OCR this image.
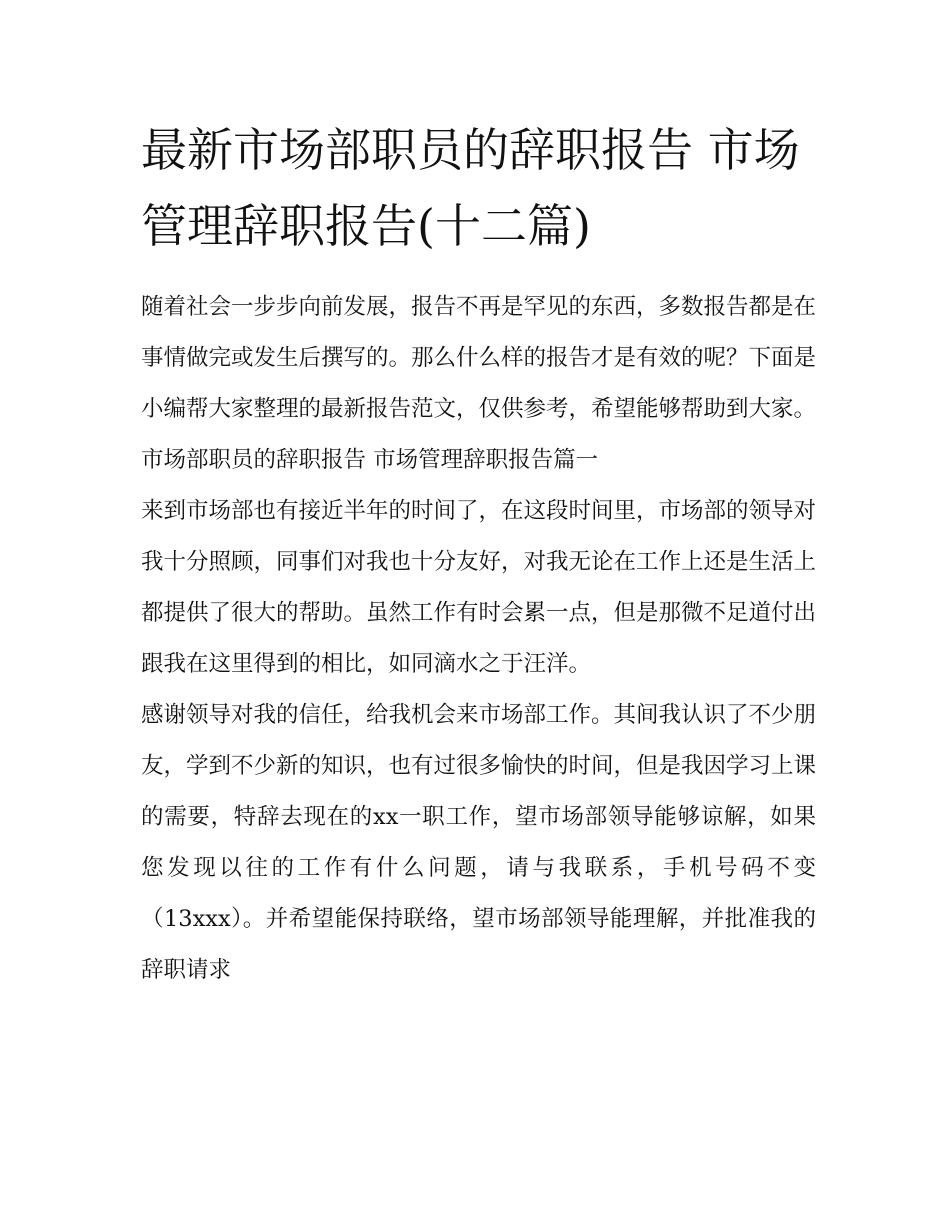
最新市场部职员的辞职报告 市场管理辞职报告(十二篇)

随着社会一步步向前发展，报告不再是罕见的东西，多数报告都是在事情做完或发生后撰写的。那么什么样的报告才是有效的呢？下面是小编帮大家整理的最新报告范文，仅供参考，希望能够帮助到大家。

市场部职员的辞职报告 市场管理辞职报告篇一

来到市场部也有接近半年的时间了，在这段时间里，市场部的领导对我十分照顾，同事们对我也十分友好，对我无论在工作上还是生活上都提供了很大的帮助。虽然工作有时会累一点，但是那微不足道付出跟我在这里得到的相比，如同滴水之于汪洋。

感谢领导对我的信任，给我机会来市场部工作。其间我认识了不少朋友，学到不少新的知识，也有过很多愉快的时间，但是我因学习上课的需要，特辞去现在的xx一职工作，望市场部领导能够谅解，如果您发现以往的工作有什么问题，请与我联系，手机号码不变（13xxx）。并希望能保持联络，望市场部领导能理解，并批准我的辞职请求
